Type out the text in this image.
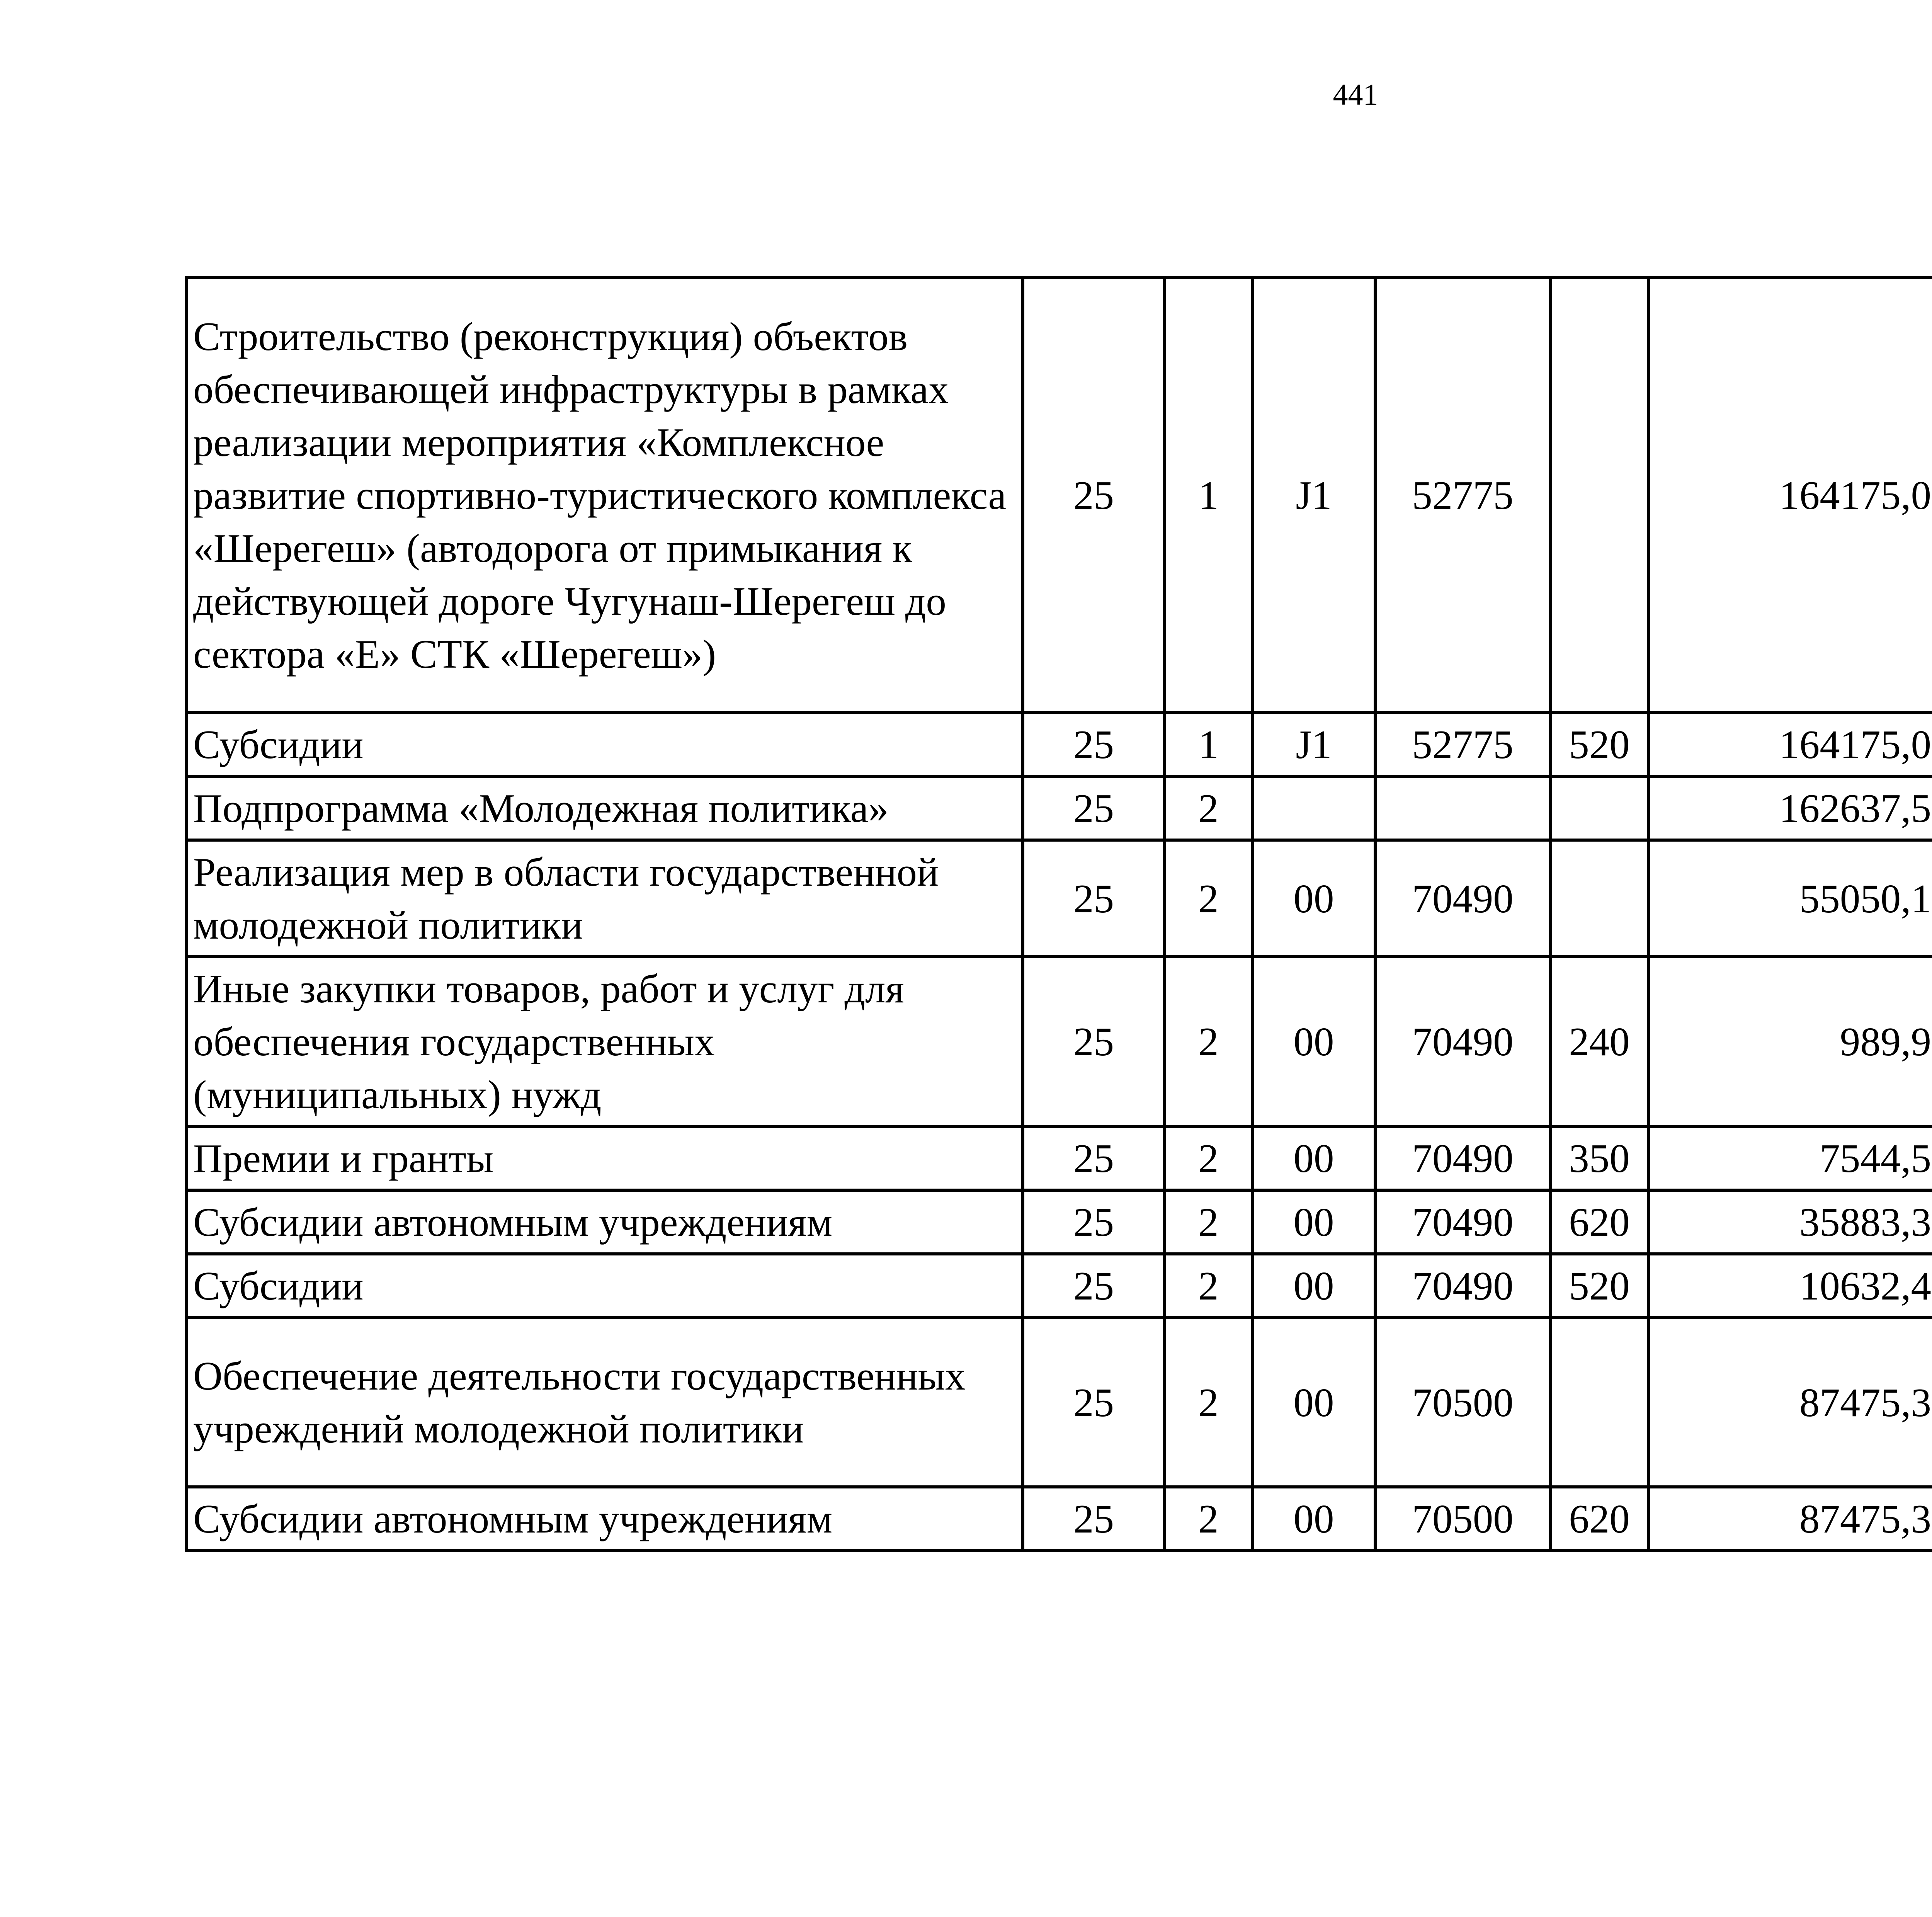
441
Строительство (реконструкция) объектов обеспечивающей инфраструктуры в рамках реализации мероприятия «Комплексное развитие спортивно-туристического комплекса «Шерегеш» (автодорога от примыкания к действующей дороге Чугунаш-Шерегеш до сектора «Е» СТК «Шерегеш»)	25	1	J1	52775		164175,0		
Субсидии	25	1	J1	52775	520	164175,0		
Подпрограмма «Молодежная политика»	25	2				162637,5		
Реализация мер в области государственной молодежной политики	25	2	00	70490		55050,1		
Иные закупки товаров, работ и услуг для обеспечения государственных (муниципальных) нужд	25	2	00	70490	240	989,9		
Премии и гранты	25	2	00	70490	350	7544,5		
Субсидии автономным учреждениям	25	2	00	70490	620	35883,3		
Субсидии	25	2	00	70490	520	10632,4		
Обеспечение деятельности государственных учреждений молодежной политики	25	2	00	70500		87475,3		
Субсидии автономным учреждениям	25	2	00	70500	620	87475,3		
